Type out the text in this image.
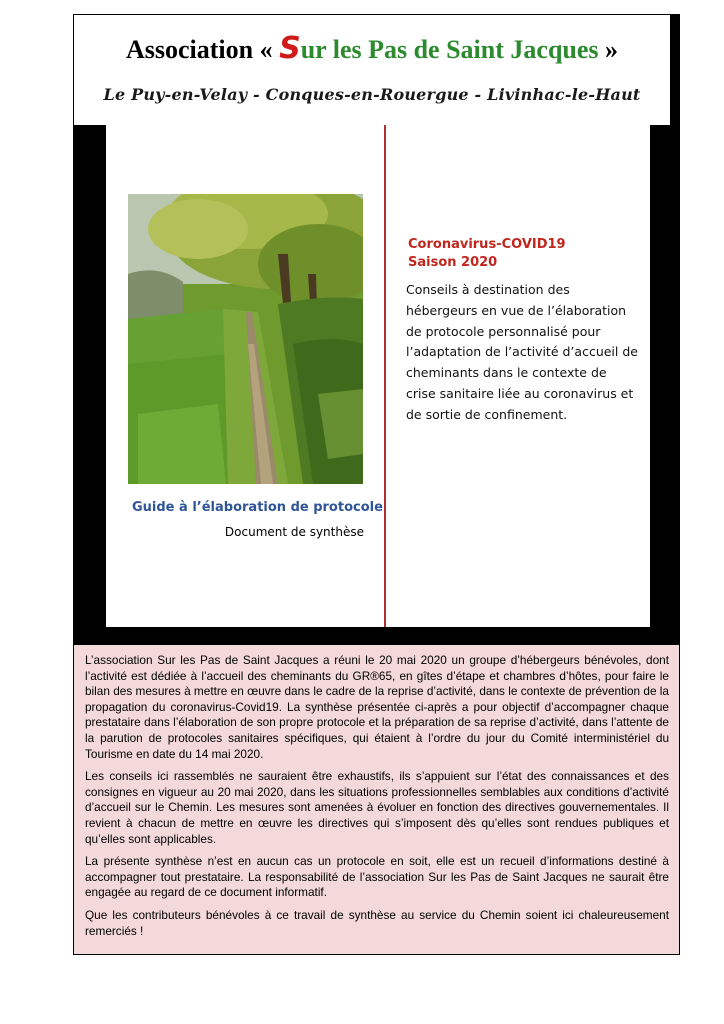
Association « Sur les Pas de Saint Jacques »
Le Puy-en-Velay - Conques-en-Rouergue - Livinhac-le-Haut
Guide à l’élaboration de protocole
Document de synthèse
Coronavirus-COVID19
Saison 2020
Conseils à destination des hébergeurs en vue de l’élaboration de protocole personnalisé pour l’adaptation de l’activité d’accueil de cheminants dans le contexte de crise sanitaire liée au coronavirus et de sortie de confinement.

L’association Sur les Pas de Saint Jacques a réuni le 20 mai 2020 un groupe d’hébergeurs bénévoles, dont l’activité est dédiée à l’accueil des cheminants du GR®65, en gîtes d’étape et chambres d’hôtes, pour faire le bilan des mesures à mettre en œuvre dans le cadre de la reprise d’activité, dans le contexte de prévention de la propagation du coronavirus-Covid19. La synthèse présentée ci-après a pour objectif d’accompagner chaque prestataire dans l’élaboration de son propre protocole et la préparation de sa reprise d’activité, dans l’attente de la parution de protocoles sanitaires spécifiques, qui étaient à l’ordre du jour du Comité interministériel du Tourisme en date du 14 mai 2020.

Les conseils ici rassemblés ne sauraient être exhaustifs, ils s’appuient sur l’état des connaissances et des consignes en vigueur au 20 mai 2020, dans les situations professionnelles semblables aux conditions d’activité d’accueil sur le Chemin. Les mesures sont amenées à évoluer en fonction des directives gouvernementales. Il revient à chacun de mettre en œuvre les directives qui s’imposent dès qu’elles sont rendues publiques et qu’elles sont applicables.

La présente synthèse n’est en aucun cas un protocole en soit, elle est un recueil d’informations destiné à accompagner tout prestataire. La responsabilité de l’association Sur les Pas de Saint Jacques ne saurait être engagée au regard de ce document informatif.

Que les contributeurs bénévoles à ce travail de synthèse au service du Chemin soient ici chaleureusement remerciés !
